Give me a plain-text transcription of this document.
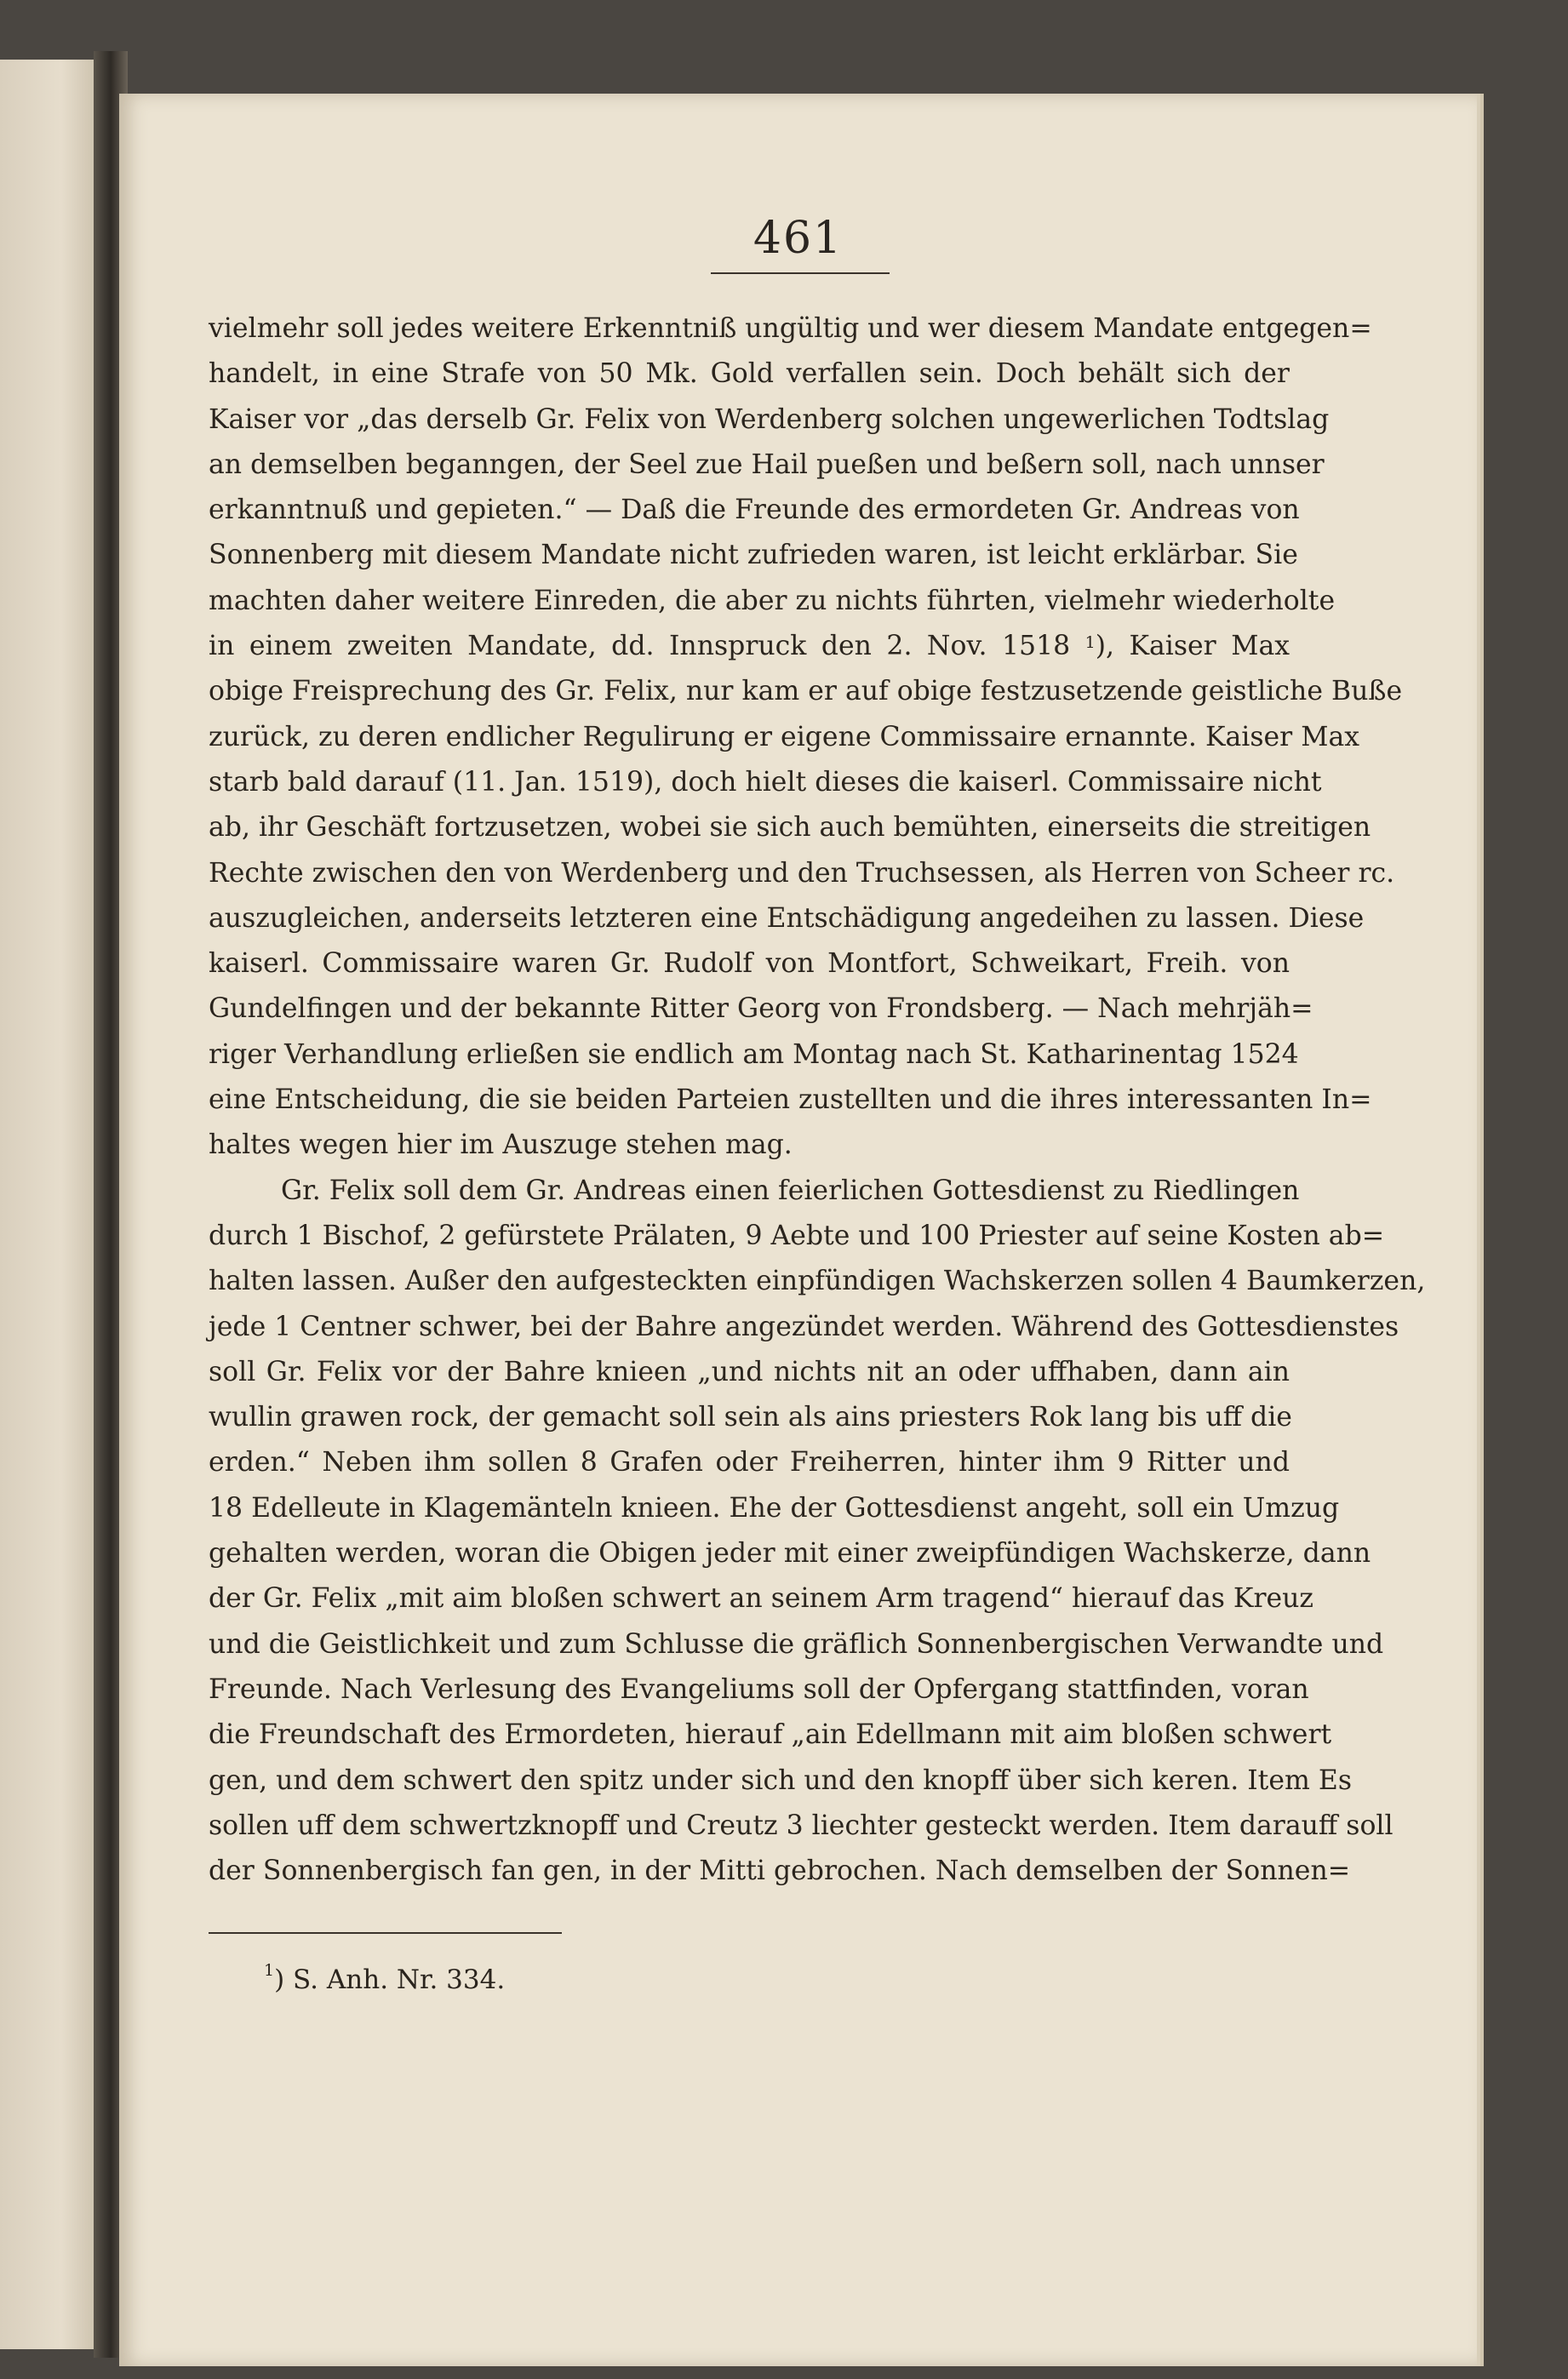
461
vielmehr soll jedes weitere Erkenntniß ungültig und wer diesem Mandate entgegen=
handelt, in eine Strafe von 50 Mk. Gold verfallen sein. Doch behält sich der
Kaiser vor „das derselb Gr. Felix von Werdenberg solchen ungewerlichen Todtslag
an demselben beganngen, der Seel zue Hail pueßen und beßern soll, nach unnser
erkanntnuß und gepieten.“ — Daß die Freunde des ermordeten Gr. Andreas von
Sonnenberg mit diesem Mandate nicht zufrieden waren, ist leicht erklärbar. Sie
machten daher weitere Einreden, die aber zu nichts führten, vielmehr wiederholte
in einem zweiten Mandate, dd. Innspruck den 2. Nov. 1518 $^1$), Kaiser Max
obige Freisprechung des Gr. Felix, nur kam er auf obige festzusetzende geistliche Buße
zurück, zu deren endlicher Regulirung er eigene Commissaire ernannte. Kaiser Max
starb bald darauf (11. Jan. 1519), doch hielt dieses die kaiserl. Commissaire nicht
ab, ihr Geschäft fortzusetzen, wobei sie sich auch bemühten, einerseits die streitigen
Rechte zwischen den von Werdenberg und den Truchsessen, als Herren von Scheer rc.
auszugleichen, anderseits letzteren eine Entschädigung angedeihen zu lassen. Diese
kaiserl. Commissaire waren Gr. Rudolf von Montfort, Schweikart, Freih. von
Gundelfingen und der bekannte Ritter Georg von Frondsberg. — Nach mehrjäh=
riger Verhandlung erließen sie endlich am Montag nach St. Katharinentag 1524
eine Entscheidung, die sie beiden Parteien zustellten und die ihres interessanten In=
haltes wegen hier im Auszuge stehen mag.
Gr. Felix soll dem Gr. Andreas einen feierlichen Gottesdienst zu Riedlingen
durch 1 Bischof, 2 gefürstete Prälaten, 9 Aebte und 100 Priester auf seine Kosten ab=
halten lassen. Außer den aufgesteckten einpfündigen Wachskerzen sollen 4 Baumkerzen,
jede 1 Centner schwer, bei der Bahre angezündet werden. Während des Gottesdienstes
soll Gr. Felix vor der Bahre knieen „und nichts nit an oder uffhaben, dann ain
wullin grawen rock, der gemacht soll sein als ains priesters Rok lang bis uff die
erden.“ Neben ihm sollen 8 Grafen oder Freiherren, hinter ihm 9 Ritter und
18 Edelleute in Klagemänteln knieen. Ehe der Gottesdienst angeht, soll ein Umzug
gehalten werden, woran die Obigen jeder mit einer zweipfündigen Wachskerze, dann
der Gr. Felix „mit aim bloßen schwert an seinem Arm tragend“ hierauf das Kreuz
und die Geistlichkeit und zum Schlusse die gräflich Sonnenbergischen Verwandte und
Freunde. Nach Verlesung des Evangeliums soll der Opfergang stattfinden, voran
die Freundschaft des Ermordeten, hierauf „ain Edellmann mit aim bloßen schwert
gen, und dem schwert den spitz under sich und den knopff über sich keren. Item Es
sollen uff dem schwertzknopff und Creutz 3 liechter gesteckt werden. Item darauff soll
der Sonnenbergisch fan gen, in der Mitti gebrochen. Nach demselben der Sonnen=
$^1$) S. Anh. Nr. 334.
